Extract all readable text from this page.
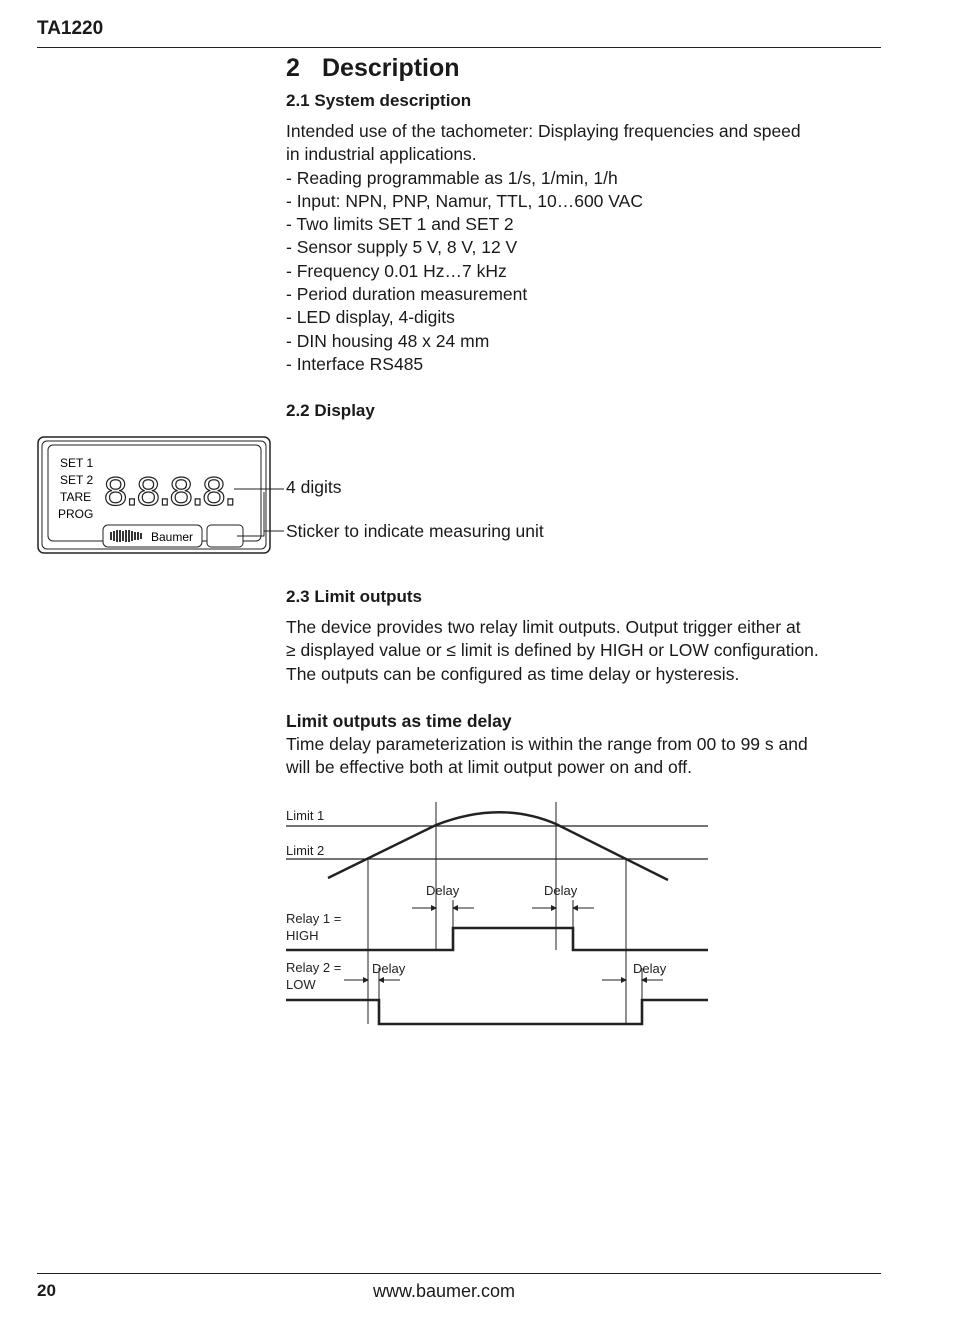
TA1220
2 Description
2.1 System description
Intended use of the tachometer: Displaying frequencies and speed
in industrial applications.
- Reading programmable as 1/s, 1/min, 1/h
- Input: NPN, PNP, Namur, TTL, 10…600 VAC
- Two limits SET 1 and SET 2
- Sensor supply 5 V, 8 V, 12 V
- Frequency 0.01 Hz…7 kHz
- Period duration measurement
- LED display, 4-digits
- DIN housing 48 x 24 mm
- Interface RS485
2.2 Display
SET 1
SET 2
TARE
PROG 8.8.8.8.
Baumer
4 digits
Sticker to indicate measuring unit
2.3 Limit outputs
The device provides two relay limit outputs. Output trigger either at
≥ displayed value or ≤ limit is defined by HIGH or LOW configuration.
The outputs can be configured as time delay or hysteresis.
Limit outputs as time delay
Time delay parameterization is within the range from 00 to 99 s and
will be effective both at limit output power on and off.
Limit 1
Limit 2
Relay 1 =
HIGH
Relay 2 =
LOW
Delay	Delay
Delay	Delay
20	www.baumer.com
